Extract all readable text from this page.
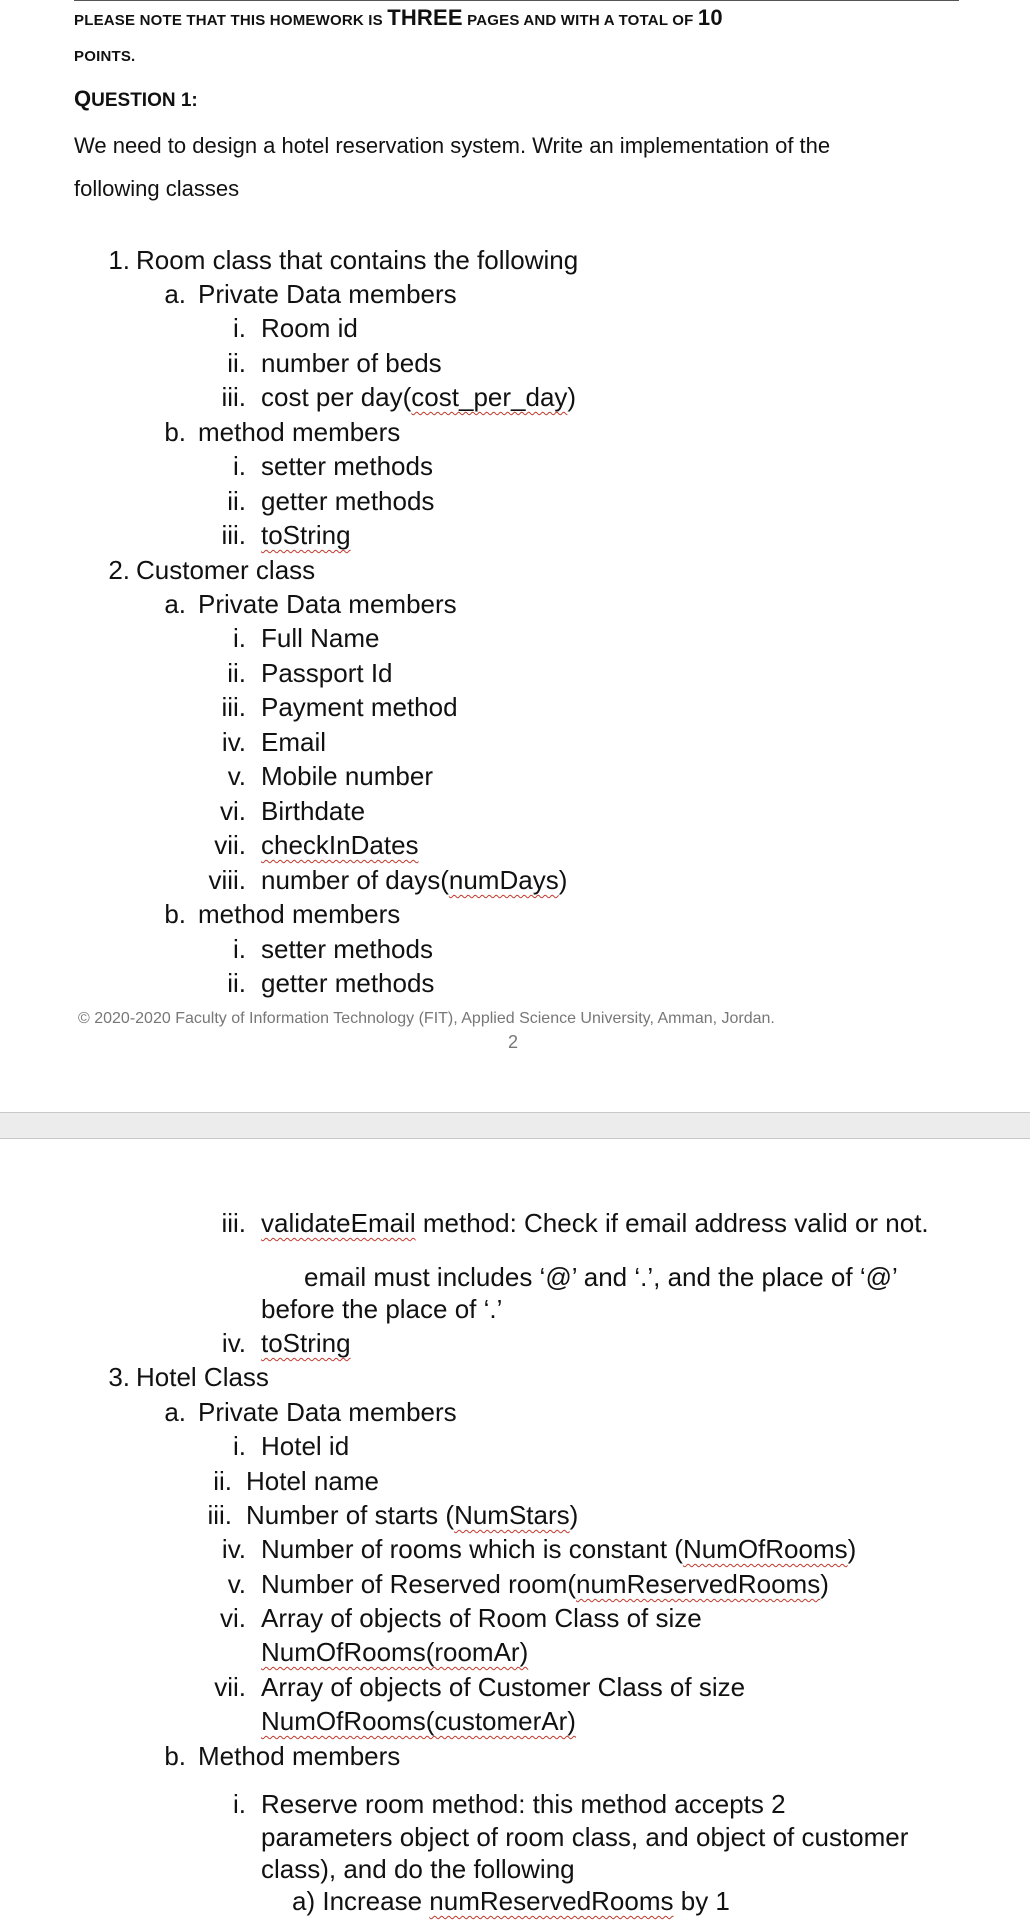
PLEASE NOTE THAT THIS HOMEWORK IS THREE PAGES AND WITH A TOTAL OF 10
POINTS.
QUESTION 1:
We need to design a hotel reservation system. Write an implementation of the
following classes
1. Room class that contains the following
a. Private Data members
i. Room id
ii. number of beds
iii. cost per day(cost_per_day)
b. method members
i. setter methods
ii. getter methods
iii. toString
2. Customer class
a. Private Data members
i. Full Name
ii. Passport Id
iii. Payment method
iv. Email
v. Mobile number
vi. Birthdate
vii. checkInDates
viii. number of days(numDays)
b. method members
i. setter methods
ii. getter methods
© 2020-2020 Faculty of Information Technology (FIT), Applied Science University, Amman, Jordan.
2
iii. validateEmail method: Check if email address valid or not.
email must includes ‘@’ and ‘.’, and the place of ‘@’
before the place of ‘.’
iv. toString
3. Hotel Class
a. Private Data members
i. Hotel id
ii. Hotel name
iii. Number of starts (NumStars)
iv. Number of rooms which is constant (NumOfRooms)
v. Number of Reserved room(numReservedRooms)
vi. Array of objects of Room Class of size
NumOfRooms(roomAr)
vii. Array of objects of Customer Class of size
NumOfRooms(customerAr)
b. Method members
i. Reserve room method: this method accepts 2
parameters object of room class, and object of customer
class), and do the following
a) Increase numReservedRooms by 1
